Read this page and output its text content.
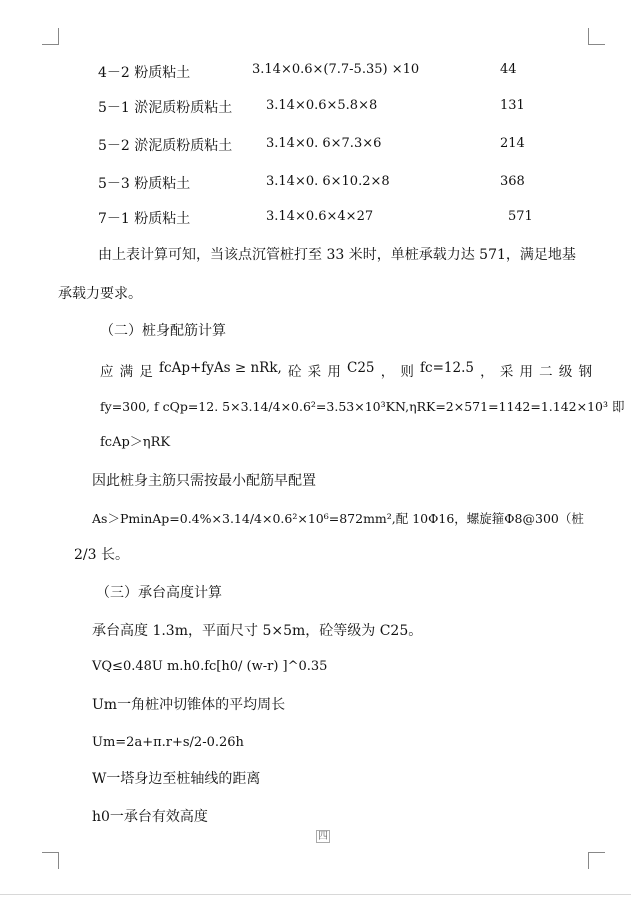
4－2 粉质粘土	3.14×0.6×(7.7-5.35) ×10	44
5－1 淤泥质粉质粘土	3.14×0.6×5.8×8	131
5－2 淤泥质粉质粘土	3.14×0. 6×7.3×6	214
5－3 粉质粘土	3.14×0. 6×10.2×8	368
7－1 粉质粘土	3.14×0.6×4×27	571
由上表计算可知，当该点沉管桩打至 33 米时，单桩承载力达 571，满足地基
承载力要求。
（二）桩身配筋计算
应 满 足 fcAp+fyAs ≥ nRk, 砼 采 用 C25 ， 则 fc=12.5 ， 采 用 二 级 钢
fy=300, f cQp=12. 5×3.14/4×0.6²=3.53×10³KN,ηRK=2×571=1142=1.142×10³ 即
fcAp＞ηRK
因此桩身主筋只需按最小配筋早配置
As＞PminAp=0.4%×3.14/4×0.6²×10⁶=872mm²,配 10Φ16，螺旋箍Φ8@300（桩
2/3 长。
（三）承台高度计算
承台高度 1.3m，平面尺寸 5×5m，砼等级为 C25。
VQ≤0.48U m.h0.fc[h0/ (w-r) ]^0.35
Um一角桩冲切锥体的平均周长
Um=2a+π.r+s/2-0.26h
W一塔身边至桩轴线的距离
h0一承台有效高度
四
